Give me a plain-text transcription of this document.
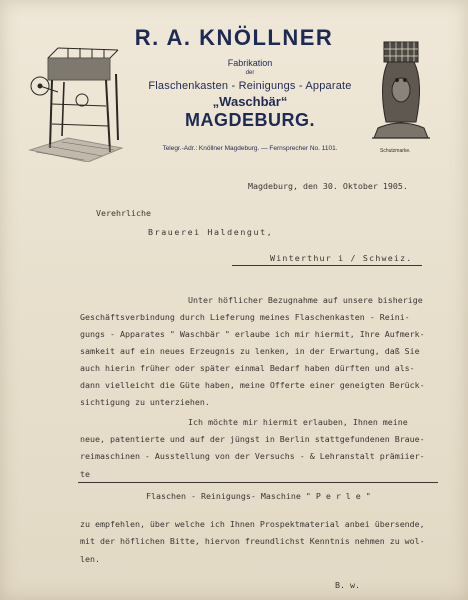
Schutzmarke.
R. A. KNÖLLNER
Fabrikation
der
Flaschenkasten - Reinigungs - Apparate
„Waschbär“
MAGDEBURG.
Telegr.-Adr.: Knöllner Magdeburg. — Fernsprecher No. 1101.
Magdeburg, den 30. Oktober 1905.
Verehrliche
Brauerei Haldengut,
Winterthur i / Schweiz.
Unter höflicher Bezugnahme auf unsere bisherige
Geschäftsverbindung durch Lieferung meines Flaschenkasten - Reini-
gungs - Apparates " Waschbär " erlaube ich mir hiermit, Ihre Aufmerk-
samkeit auf ein neues Erzeugnis zu lenken, in der Erwartung, daß Sie
auch hierin früher oder später einmal Bedarf haben dürften und als-
dann vielleicht die Güte haben, meine Offerte einer geneigten Berück-
sichtigung zu unterziehen.
Ich möchte mir hiermit erlauben, Ihnen meine
neue, patentierte und auf der jüngst in Berlin stattgefundenen Braue-
reimaschinen - Ausstellung von der Versuchs - & Lehranstalt prämiier-
te
Flaschen - Reinigungs- Maschine " P e r l e "
zu empfehlen, über welche ich Ihnen Prospektmaterial anbei übersende,
mit der höflichen Bitte, hiervon freundlichst Kenntnis nehmen zu wol-
len.
B. w.
